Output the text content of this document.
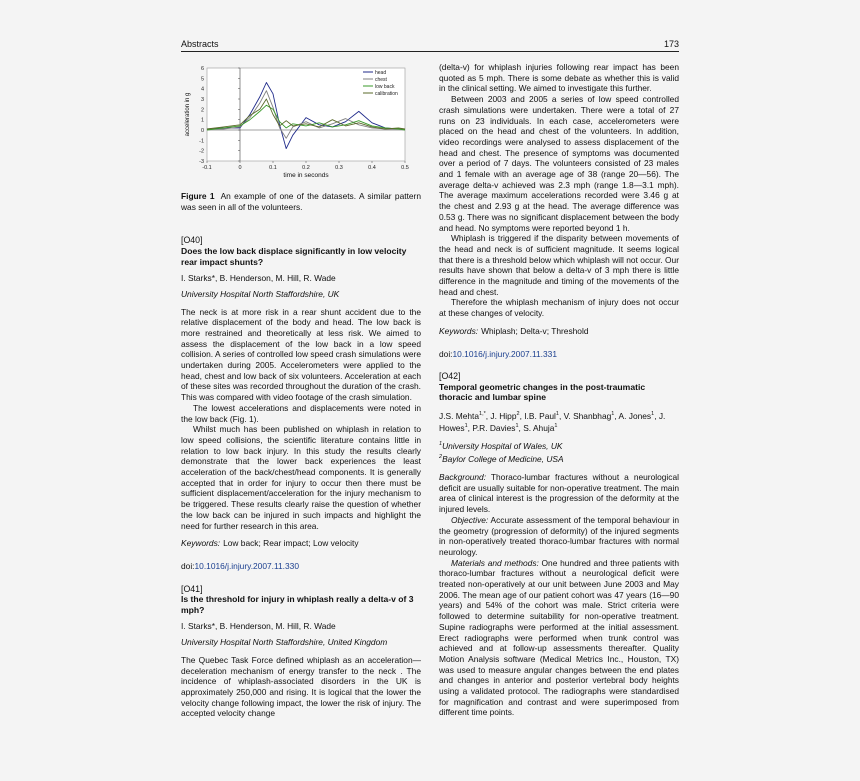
Abstracts	173
6
5
4
3
2
1
0
-1
-2
-3
-0.1	0	0.1	0.2	0.3	0.4	0.5
time in seconds
acceleration in g
head
chest
low back
calibration

Figure 1 An example of one of the datasets. A similar pattern was seen in all of the volunteers.

[O40]
Does the low back displace significantly in low velocity rear impact shunts?
I. Starks*, B. Henderson, M. Hill, R. Wade
University Hospital North Staffordshire, UK

The neck is at more risk in a rear shunt accident due to the relative displacement of the body and head. The low back is more restrained and theoretically at less risk. We aimed to assess the displacement of the low back in a low speed collision. A series of controlled low speed crash simulations were undertaken during 2005. Accelerometers were applied to the head, chest and low back of six volunteers. Acceleration at each of these sites was recorded throughout the duration of the crash. This was compared with video footage of the crash simulation.

The lowest accelerations and displacements were noted in the low back (Fig. 1).

Whilst much has been published on whiplash in relation to low speed collisions, the scientific literature contains little in relation to low back injury. In this study the results clearly demonstrate that the lower back experiences the least acceleration of the back/chest/head components. It is generally accepted that in order for injury to occur then there must be sufficient displacement/acceleration for the injury mechanism to be triggered. These results clearly raise the question of whether the low back can be injured in such impacts and highlight the need for further research in this area.

Keywords: Low back; Rear impact; Low velocity

doi:10.1016/j.injury.2007.11.330
[O41]
Is the threshold for injury in whiplash really a delta-v of 3 mph?
I. Starks*, B. Henderson, M. Hill, R. Wade
University Hospital North Staffordshire, United Kingdom

The Quebec Task Force defined whiplash as an acceleration—deceleration mechanism of energy transfer to the neck . The incidence of whiplash-associated disorders in the UK is approximately 250,000 and rising. It is logical that the lower the velocity change following impact, the lower the risk of injury. The accepted velocity change

(delta-v) for whiplash injuries following rear impact has been quoted as 5 mph. There is some debate as whether this is valid in the clinical setting. We aimed to investigate this further.

Between 2003 and 2005 a series of low speed controlled crash simulations were undertaken. There were a total of 27 runs on 23 individuals. In each case, accelerometers were placed on the head and chest of the volunteers. In addition, video recordings were analysed to assess displacement of the head and chest. The presence of symptoms was documented over a period of 7 days. The volunteers consisted of 23 males and 1 female with an average age of 38 (range 20—56). The average delta-v achieved was 2.3 mph (range 1.8—3.1 mph). The average maximum accelerations recorded were 3.46 g at the chest and 2.93 g at the head. The average difference was 0.53 g. There was no significant displacement between the body and head. No symptoms were reported beyond 1 h.

Whiplash is triggered if the disparity between movements of the head and neck is of sufficient magnitude. It seems logical that there is a threshold below which whiplash will not occur. Our results have shown that below a delta-v of 3 mph there is little difference in the magnitude and timing of the movements of the head and chest.

Therefore the whiplash mechanism of injury does not occur at these changes of velocity.

Keywords: Whiplash; Delta-v; Threshold

doi:10.1016/j.injury.2007.11.331
[O42]
Temporal geometric changes in the post-traumatic thoracic and lumbar spine
J.S. Mehta$^{1,*}$, J. Hipp$^2$, I.B. Paul$^1$, V. Shanbhag$^1$, A. Jones$^1$, J. Howes$^1$, P.R. Davies$^1$, S. Ahuja$^1$
$^1$University Hospital of Wales, UK
$^2$Baylor College of Medicine, USA

Background: Thoraco-lumbar fractures without a neurological deficit are usually suitable for non-operative treatment. The main area of clinical interest is the progression of the deformity at the injured levels.

Objective: Accurate assessment of the temporal behaviour in the geometry (progression of deformity) of the injured segments in non-operatively treated thoraco-lumbar fractures with normal neurology.

Materials and methods: One hundred and three patients with thoraco-lumbar fractures without a neurological deficit were treated non-operatively at our unit between June 2003 and May 2006. The mean age of our patient cohort was 47 years (16—90 years) and 54% of the cohort was male. Strict criteria were followed to determine suitability for non-operative treatment. Supine radiographs were performed at the initial assessment. Erect radiographs were performed when trunk control was achieved and at follow-up assessments thereafter. Quality Motion Analysis software (Medical Metrics Inc., Houston, TX) was used to measure angular changes between the end plates and changes in anterior and posterior vertebral body heights using a validated protocol. The radiographs were standardised for magnification and contrast and were superimposed from different time points.
